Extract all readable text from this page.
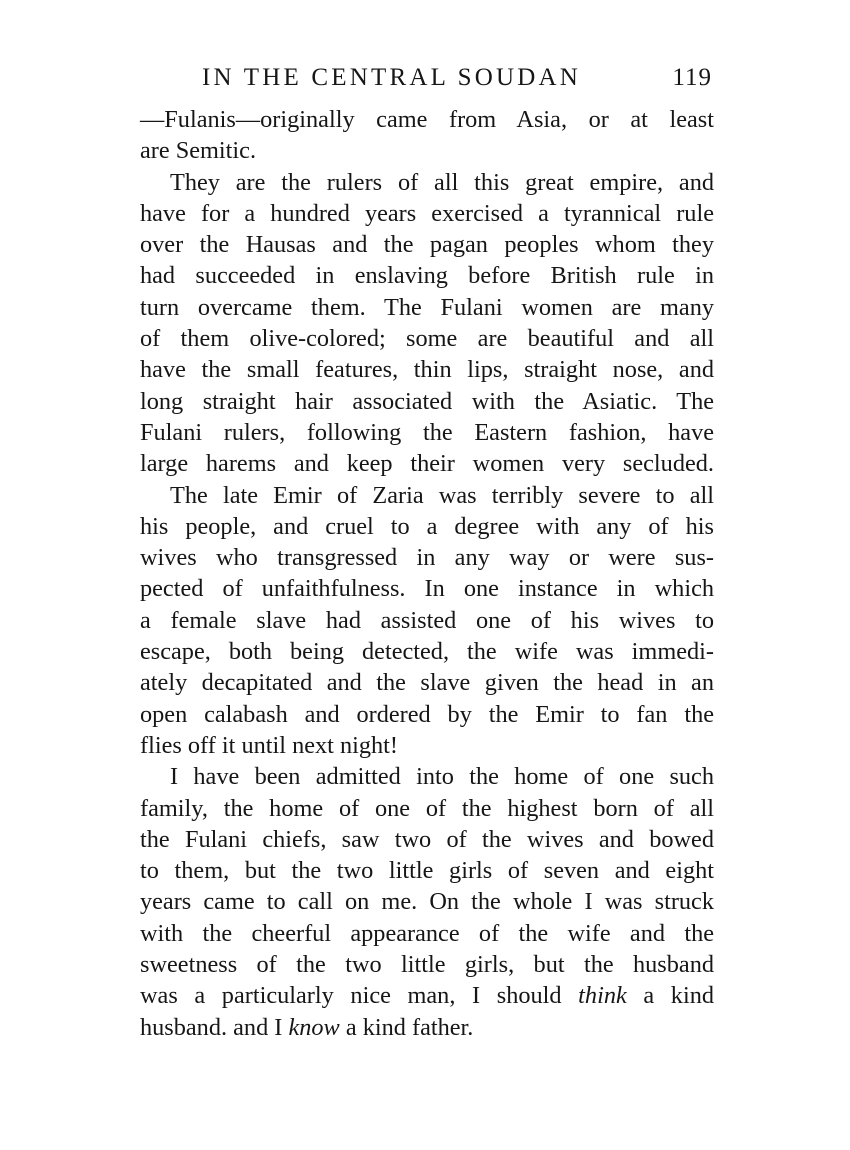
IN THE CENTRAL SOUDAN	119

—Fulanis—originally came from Asia, or at least
are Semitic.

They are the rulers of all this great empire, and
have for a hundred years exercised a tyrannical rule
over the Hausas and the pagan peoples whom they
had succeeded in enslaving before British rule in
turn overcame them. The Fulani women are many
of them olive-colored; some are beautiful and all
have the small features, thin lips, straight nose, and
long straight hair associated with the Asiatic. The
Fulani rulers, following the Eastern fashion, have
large harems and keep their women very secluded.

The late Emir of Zaria was terribly severe to all
his people, and cruel to a degree with any of his
wives who transgressed in any way or were sus-
pected of unfaithfulness. In one instance in which
a female slave had assisted one of his wives to
escape, both being detected, the wife was immedi-
ately decapitated and the slave given the head in an
open calabash and ordered by the Emir to fan the
flies off it until next night!

I have been admitted into the home of one such
family, the home of one of the highest born of all
the Fulani chiefs, saw two of the wives and bowed
to them, but the two little girls of seven and eight
years came to call on me. On the whole I was struck
with the cheerful appearance of the wife and the
sweetness of the two little girls, but the husband
was a particularly nice man, I should think a kind
husband. and I know a kind father.
